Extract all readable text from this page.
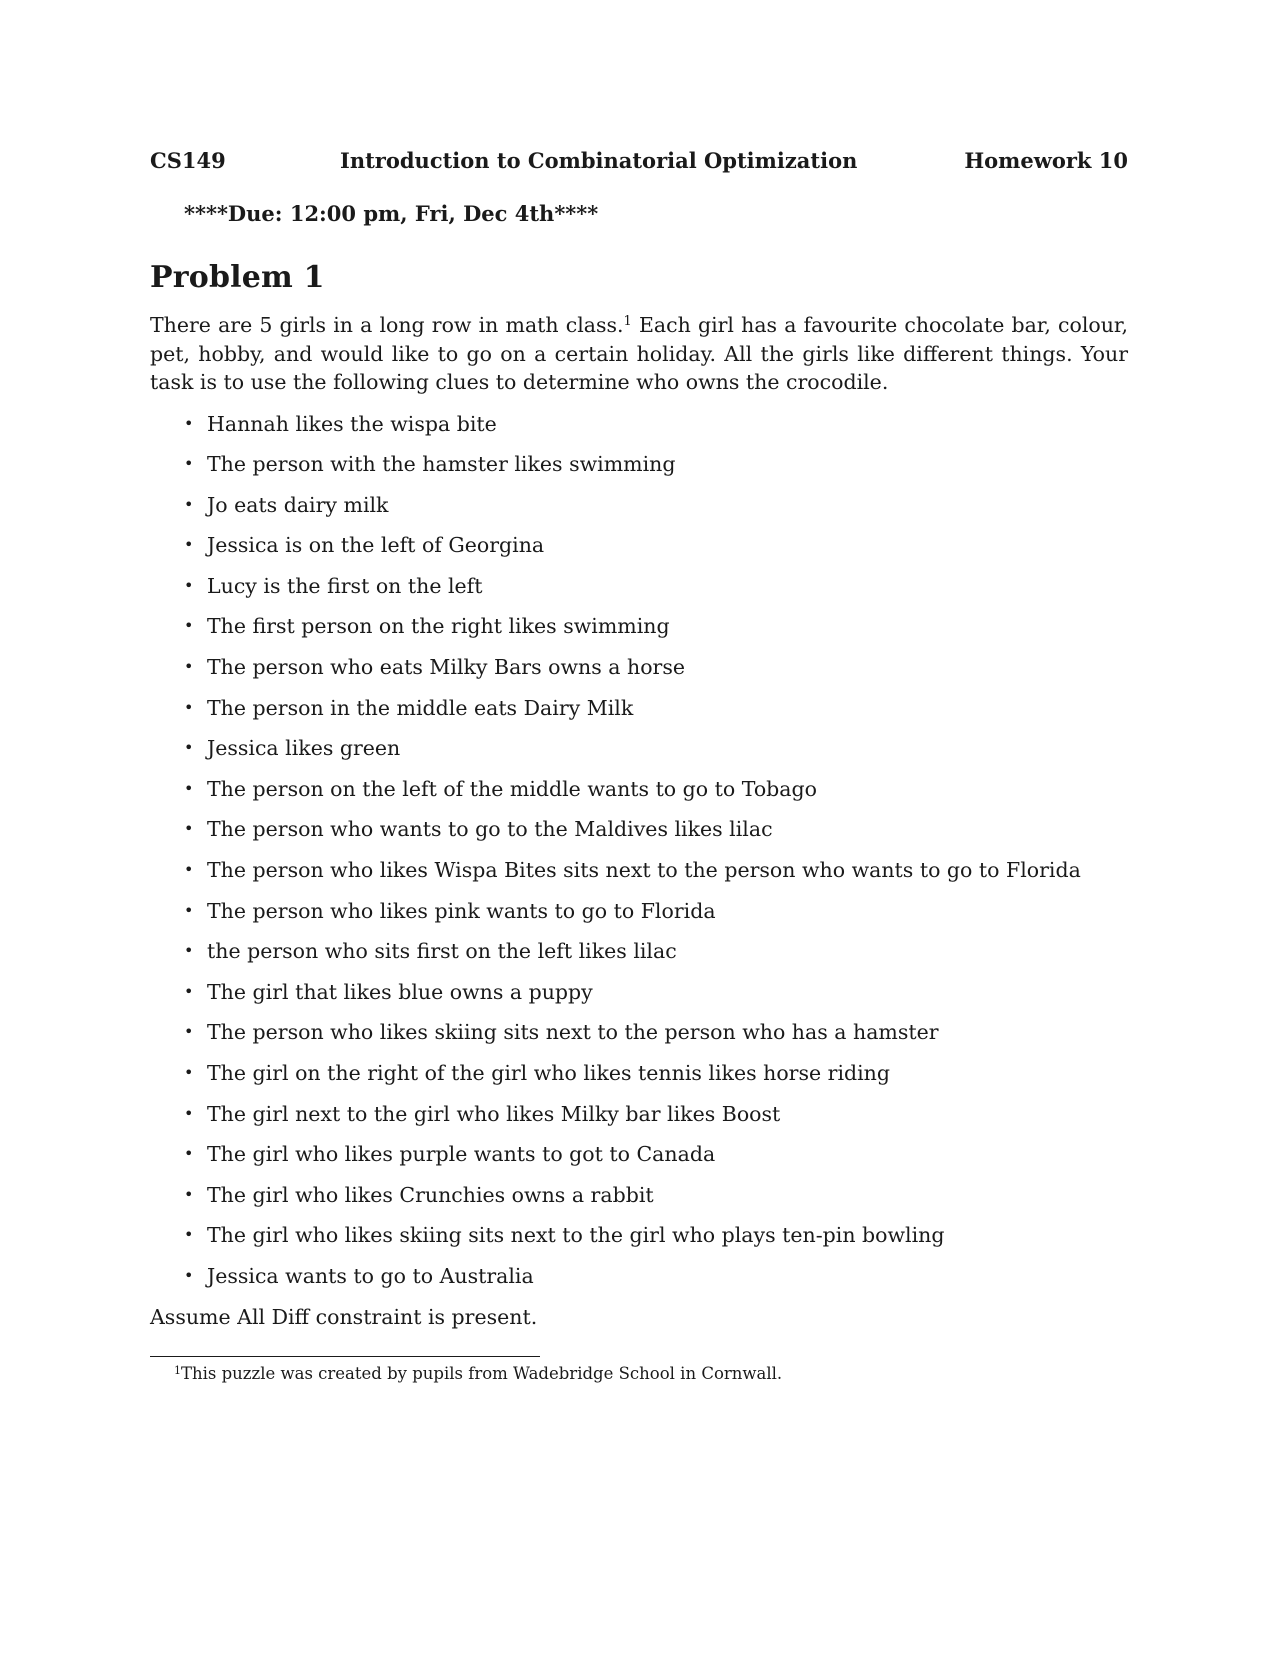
CS149	Introduction to Combinatorial Optimization	Homework 10
****Due: 12:00 pm, Fri, Dec 4th****
Problem 1

There are 5 girls in a long row in math class.$^1$ Each girl has a favourite chocolate bar, colour, pet, hobby, and would like to go on a certain holiday. All the girls like different things. Your task is to use the following clues to determine who owns the crocodile.

• Hannah likes the wispa bite
• The person with the hamster likes swimming
• Jo eats dairy milk
• Jessica is on the left of Georgina
• Lucy is the first on the left
• The first person on the right likes swimming
• The person who eats Milky Bars owns a horse
• The person in the middle eats Dairy Milk
• Jessica likes green
• The person on the left of the middle wants to go to Tobago
• The person who wants to go to the Maldives likes lilac
• The person who likes Wispa Bites sits next to the person who wants to go to Florida
• The person who likes pink wants to go to Florida
• the person who sits first on the left likes lilac
• The girl that likes blue owns a puppy
• The person who likes skiing sits next to the person who has a hamster
• The girl on the right of the girl who likes tennis likes horse riding
• The girl next to the girl who likes Milky bar likes Boost
• The girl who likes purple wants to got to Canada
• The girl who likes Crunchies owns a rabbit
• The girl who likes skiing sits next to the girl who plays ten-pin bowling
• Jessica wants to go to Australia
Assume All Diff constraint is present.
$^1$This puzzle was created by pupils from Wadebridge School in Cornwall.
